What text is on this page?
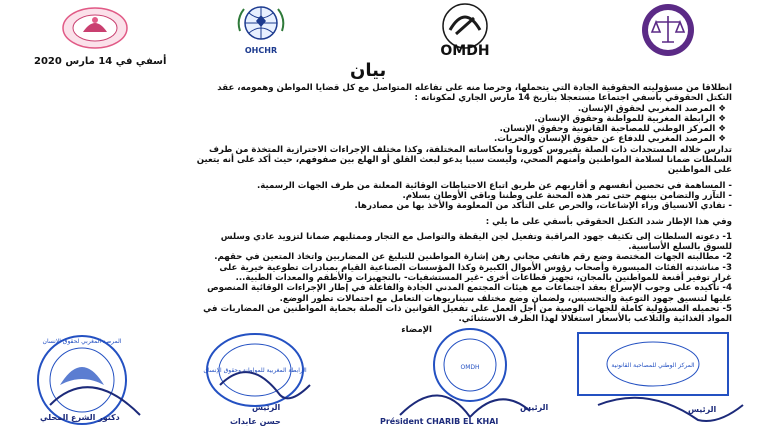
OHCHR	OMDH
أسفي في 14 مارس 2020	بيان
انطلاقا من مسؤوليته الحقوقية الجادة التي يتحملها، وحرصا منه على تفاعله المتواصل مع كل قضايا المواطن وهمومه، عقد
التكتل الحقوقي بأسفي اجتماعا مستعجلا بتاريخ 14 مارس الجاري لمكوناته :
❖ المرصد المغربي لحقوق الإنسان.
❖ الرابطة المغربية للمواطنة وحقوق الإنسان.
❖ المركز الوطني للمصاحبة القانونية وحقوق الإنسان.
❖ المرصد المغربي للدفاع عن حقوق الإنسان والحريات.
تدارس خلاله المستجدات ذات الصلة بفيروس كورونا وانعكاساته المختلفة، وكذا مختلف الإجراءات الاحترازية المتخذة من طرف
السلطات ضمانا لسلامة المواطنين وأمنهم الصحي، وليست سببا يدعو لبعث القلق أو الهلع بين صفوفهم، حيث أكد على أنه يتعين
على المواطنين
- المساهمة في تحصين أنفسهم و أقاربهم عن طريق اتباع الاحتياطات الوقائية المعلنة من طرف الجهات الرسمية.
- التآزر والتضامن بينهم حتى تمر هذه المحنة على وطننا وباقي الأوطان بسلام.
- تفادي الانسياق وراء الإشاعات، والحرص على التأكد من المعلومة والأخذ بها من مصادرها.
وفي هذا الإطار شدد التكتل الحقوقي بأسفي على ما يلي :
1- دعوته السلطات إلى تكثيف جهود المراقبة وتفعيل لجن اليقظة والتواصل مع التجار وممثليهم ضمانا لتزويد عادي وسلس
للسوق بالسلع الأساسية.
2- مطالبته الجهات المختصة وضع رقم هاتفي مجاني رهن إشارة المواطنين للتبليغ عن المضاربين واتخاذ المتعين في حقهم.
3- مناشدته الفئات الميسورة وأصحاب رؤوس الأموال الكبيرة وكذا المؤسسات الصناعية القيام بمبادرات تطوعية خيرية على
غرار توفير أقنعة للمواطنين بالمجان، تجهيز قطاعات أخرى -غير المستشفيات- بالتجهيزات والأطقم والمعدات الطبية...
4- تأكيده على وجوب الإسراع بعقد اجتماعات مع هيئات المجتمع المدني الجادة والفاعلة في إطار الإجراءات الوقائية المنصوص
عليها لتنسيق جهود التوعية والتحسيس، ولضمان وضع مختلف سيناريوهات التعامل مع احتمالات تطور الوضع.
5- تحميله المسؤولية كاملة للجهات الوصية من أجل العمل على تفعيل القوانين ذات الصلة بحماية المواطنين من المضاربات في
المواد الغذائية والتلاعب بالأسعار استغلالا لهذا الظرف الاستثنائي.
الإمضاء
المرصد المغربي لحقوق الإنسان
دكتور الشرع المحلي
الرابطة المغربية للمواطنة وحقوق الإنسان
الرئيس
حسن عابدات
OMDH
الرئيس
Président CHARIB EL KHAI
المركز الوطني للمصاحبة القانونية
الرئيس
